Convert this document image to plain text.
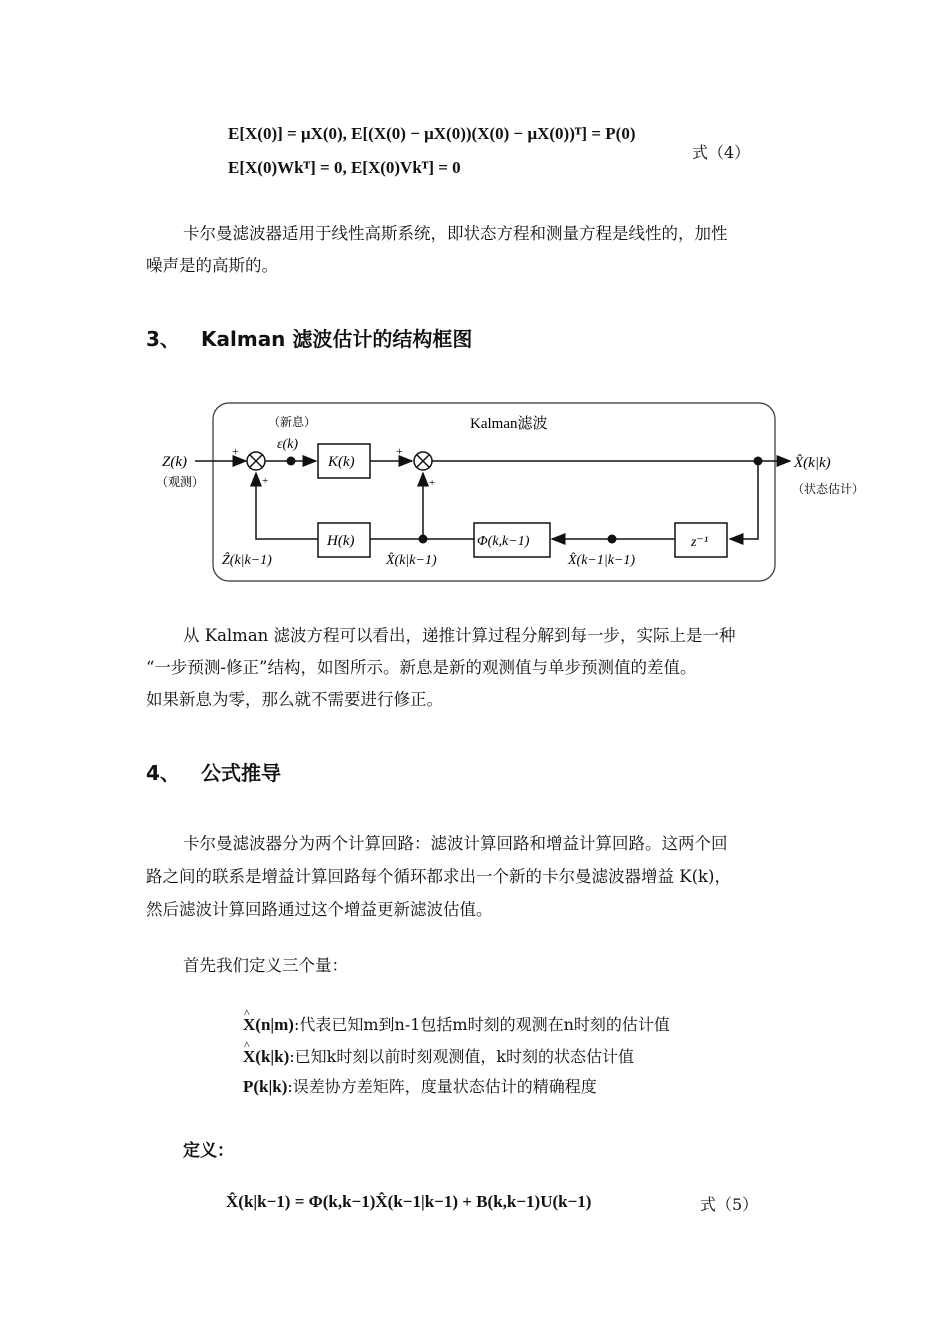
E[X(0)] = μX(0), E[(X(0) − μX(0))(X(0) − μX(0))ᵀ] = P(0)
E[X(0)Wkᵀ] = 0, E[X(0)Vkᵀ] = 0
式（4）
卡尔曼滤波器适用于线性高斯系统，即状态方程和测量方程是线性的，加性
噪声是的高斯的。
3、 Kalman 滤波估计的结构框图
Kalman滤波
（新息）
ε(k)
Z(k)
（观测）
+
+
K(k)
+
+
X̂(k|k)
（状态估计）
z⁻¹
X̂(k−1|k−1)
Φ(k,k−1)
X̂(k|k−1)
H(k)
Ẑ(k|k−1)
从 Kalman 滤波方程可以看出，递推计算过程分解到每一步，实际上是一种
“一步预测-修正”结构，如图所示。新息是新的观测值与单步预测值的差值。
如果新息为零，那么就不需要进行修正。
4、 公式推导
卡尔曼滤波器分为两个计算回路：滤波计算回路和增益计算回路。这两个回
路之间的联系是增益计算回路每个循环都求出一个新的卡尔曼滤波器增益 K(k)，
然后滤波计算回路通过这个增益更新滤波估值。
首先我们定义三个量：
^ X(n|m):代表已知m到n-1包括m时刻的观测在n时刻的估计值
^ X(k|k):已知k时刻以前时刻观测值，k时刻的状态估计值
P(k|k):误差协方差矩阵，度量状态估计的精确程度
定义：
X̂(k|k−1) = Φ(k,k−1)X̂(k−1|k−1) + B(k,k−1)U(k−1)	式（5）
